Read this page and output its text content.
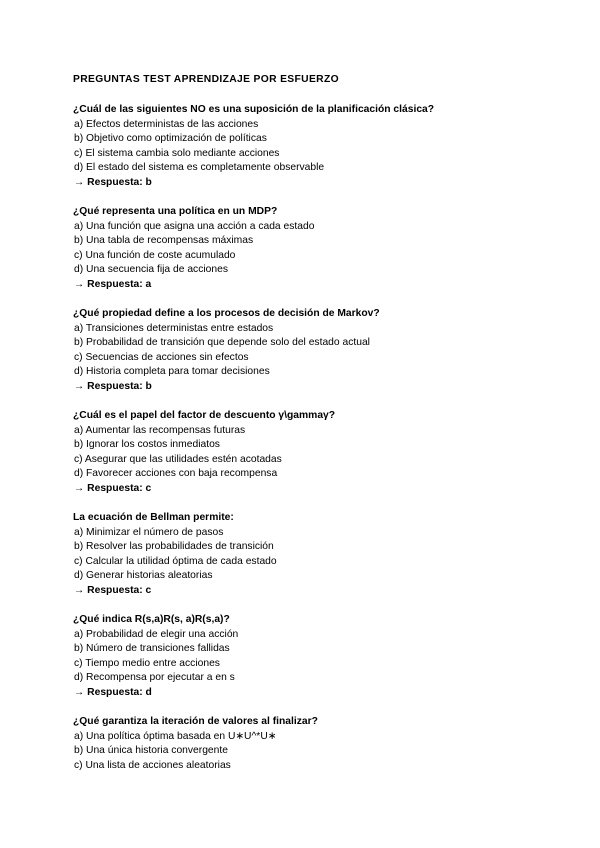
PREGUNTAS TEST APRENDIZAJE POR ESFUERZO
¿Cuál de las siguientes NO es una suposición de la planificación clásica?
a) Efectos deterministas de las acciones
b) Objetivo como optimización de políticas
c) El sistema cambia solo mediante acciones
d) El estado del sistema es completamente observable
→ Respuesta: b
¿Qué representa una política en un MDP?
a) Una función que asigna una acción a cada estado
b) Una tabla de recompensas máximas
c) Una función de coste acumulado
d) Una secuencia fija de acciones
→ Respuesta: a
¿Qué propiedad define a los procesos de decisión de Markov?
a) Transiciones deterministas entre estados
b) Probabilidad de transición que depende solo del estado actual
c) Secuencias de acciones sin efectos
d) Historia completa para tomar decisiones
→ Respuesta: b
¿Cuál es el papel del factor de descuento γ\gammaγ?
a) Aumentar las recompensas futuras
b) Ignorar los costos inmediatos
c) Asegurar que las utilidades estén acotadas
d) Favorecer acciones con baja recompensa
→ Respuesta: c
La ecuación de Bellman permite:
a) Minimizar el número de pasos
b) Resolver las probabilidades de transición
c) Calcular la utilidad óptima de cada estado
d) Generar historias aleatorias
→ Respuesta: c
¿Qué indica R(s,a)R(s, a)R(s,a)?
a) Probabilidad de elegir una acción
b) Número de transiciones fallidas
c) Tiempo medio entre acciones
d) Recompensa por ejecutar a en s
→ Respuesta: d
¿Qué garantiza la iteración de valores al finalizar?
a) Una política óptima basada en U∗U^*U∗
b) Una única historia convergente
c) Una lista de acciones aleatorias
